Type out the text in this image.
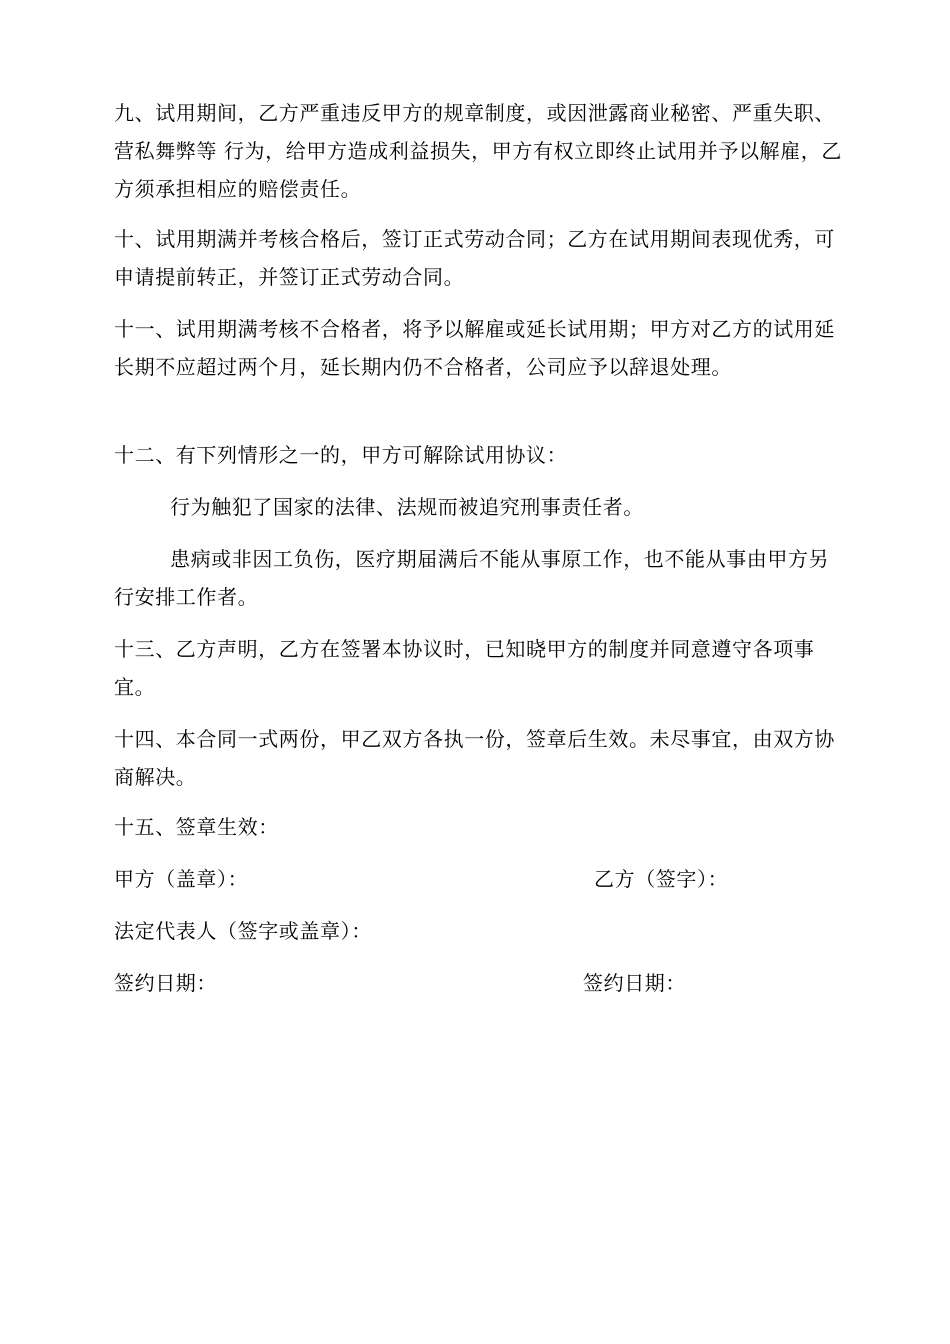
九、试用期间，乙方严重违反甲方的规章制度，或因泄露商业秘密、严重失职、营私舞弊等 行为，给甲方造成利益损失，甲方有权立即终止试用并予以解雇，乙方须承担相应的赔偿责任。

十、试用期满并考核合格后，签订正式劳动合同；乙方在试用期间表现优秀，可申请提前转正，并签订正式劳动合同。

十一、试用期满考核不合格者，将予以解雇或延长试用期；甲方对乙方的试用延长期不应超过两个月，延长期内仍不合格者，公司应予以辞退处理。

十二、有下列情形之一的，甲方可解除试用协议：

行为触犯了国家的法律、法规而被追究刑事责任者。

患病或非因工负伤，医疗期届满后不能从事原工作，也不能从事由甲方另行安排工作者。

十三、乙方声明，乙方在签署本协议时，已知晓甲方的制度并同意遵守各项事宜。

十四、本合同一式两份，甲乙双方各执一份，签章后生效。未尽事宜，由双方协商解决。

十五、签章生效：

甲方（盖章）：	乙方（签字）：
法定代表人（签字或盖章）：
签约日期：	签约日期：
